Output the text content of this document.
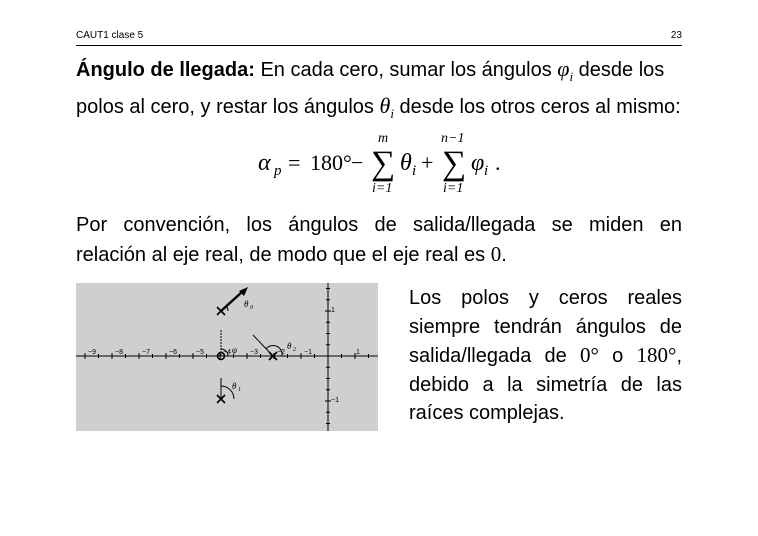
CAUT1 clase 5	23

Ángulo de llegada: En cada cero, sumar los ángulos $\varphi_i$ desde los polos al cero, y restar los ángulos $\theta_i$ desde los otros ceros al mismo:

α p = 180° −
m
∑
i=1
θ i +
n−1
∑
i=1
φ i .

Por convención, los ángulos de salida/llegada se miden en
relación al eje real, de modo que el eje real es 0.

−9	−8	−7	−6	−5	−4	−3	−2	−1	1
1
−1
θ 0
φ	θ 2
θ 1

Los polos y ceros reales
siempre tendrán ángulos de
salida/llegada de 0° o 180°,
debido a la simetría de las
raíces complejas.
